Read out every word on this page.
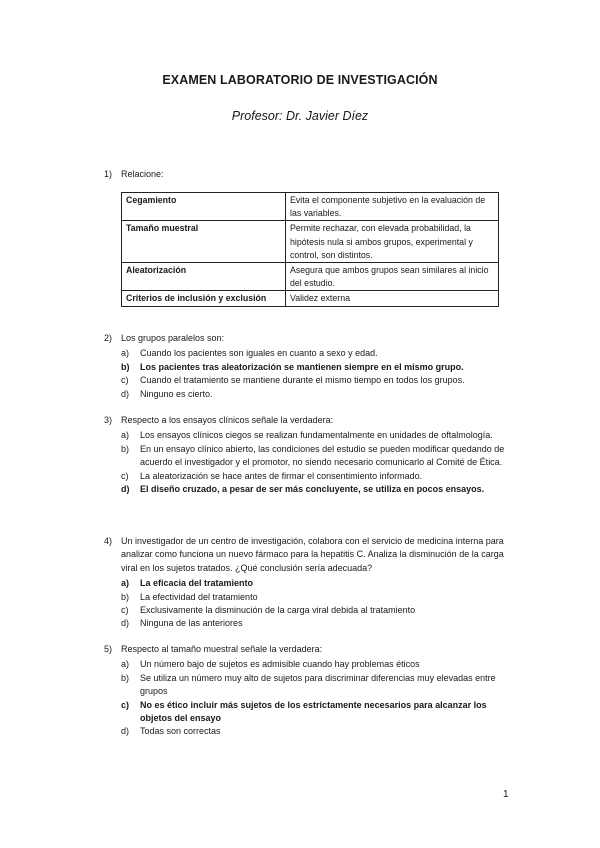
EXAMEN LABORATORIO DE INVESTIGACIÓN
Profesor: Dr. Javier Díez
1) Relacione:
Cegamiento	Evita el componente subjetivo en la evaluación de las variables.
Tamaño muestral	Permite rechazar, con elevada probabilidad, la hipótesis nula si ambos grupos, experimental y control, son distintos.
Aleatorización	Asegura que ambos grupos sean similares al inicio del estudio.
Criterios de inclusión y exclusión	Validez externa
2) Los grupos paralelos son:
a) Cuando los pacientes son iguales en cuanto a sexo y edad.
b) Los pacientes tras aleatorización se mantienen siempre en el mismo grupo.
c) Cuando el tratamiento se mantiene durante el mismo tiempo en todos los grupos.
d) Ninguno es cierto.
3) Respecto a los ensayos clínicos señale la verdadera:
a) Los ensayos clínicos ciegos se realizan fundamentalmente en unidades de oftalmología.
b) En un ensayo clínico abierto, las condiciones del estudio se pueden modificar quedando de acuerdo el investigador y el promotor, no siendo necesario comunicarlo al Comité de Ética.
c) La aleatorización se hace antes de firmar el consentimiento informado.
d) El diseño cruzado, a pesar de ser más concluyente, se utiliza en pocos ensayos.
4) Un investigador de un centro de investigación, colabora con el servicio de medicina interna para analizar como funciona un nuevo fármaco para la hepatitis C. Analiza la disminución de la carga viral en los sujetos tratados. ¿Qué conclusión sería adecuada?
a) La eficacia del tratamiento
b) La efectividad del tratamiento
c) Exclusivamente la disminución de la carga viral debida al tratamiento
d) Ninguna de las anteriores
5) Respecto al tamaño muestral señale la verdadera:
a) Un número bajo de sujetos es admisible cuando hay problemas éticos
b) Se utiliza un número muy alto de sujetos para discriminar diferencias muy elevadas entre grupos
c) No es ético incluir más sujetos de los estrictamente necesarios para alcanzar los objetos del ensayo
d) Todas son correctas
1
